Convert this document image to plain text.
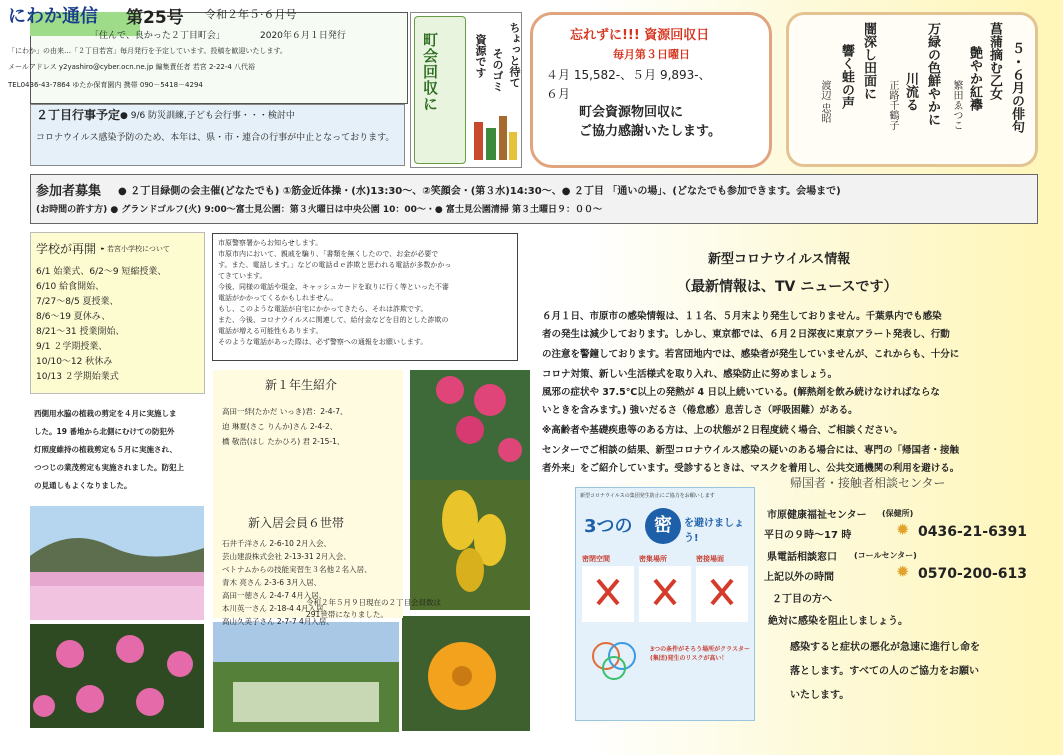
にわか通信 第25号 令和２年５·６月号
「住んで、良かった２丁目町会」	2020年６月１日発行
「にわか」の由来…「２丁目若宮」毎月発行を予定しています。投稿を歓迎いたします。
メールアドレス y2yashiro@cyber.ocn.ne.jp 編集責任者 若宮 2-22-4 八代裕
TEL0436-43-7864 ゆたか保育園内 携帯 090－5418－4294	町会回収に	ちょっと待て
そのゴミ
資源です	忘れずに!!! 資源回収日
毎月第３日曜日
４月 15,582-、５月 9,893-、
６月
町会資源物回収に
ご協力感謝いたします。	５・６月の俳句
菖蒲摘む乙女
艶やか紅襷
繁田ゑつこ
万緑の色鮮やかに
川流る
正路千鶴子
闇深し田面に
響く蛙の声
渡辺 忠昭
２丁目行事予定 ● 9/6 防災訓練,子ども会行事・・・検討中
コロナウイルス感染予防のため、本年は、県・市・連合の行事が中止となっております。
参加者募集 ● ２丁目緑側の会主催(どなたでも) ①筋金近体操・(水)13:30～、②笑顔会・(第３水)14:30～、● ２丁目 「通いの場」、(どなたでも参加できます。会場まで)
(お時間の許す方) ● グランドゴルフ(火) 9:00～富士見公園：第３火曜日は中央公園 10：00～・● 富士見公園清掃 第３土曜日９：００～
学校が再開・
・若宮小学校について
6/1 始業式、6/2～9 短縮授業、
6/10 給食開始、
7/27～8/5 夏授業、
8/6～19 夏休み、
8/21～31 授業開始、
9/1 ２学期授業、
10/10～12 秋休み
10/13 ２学期始業式
市原警察署からお知らせします。
市原市内において、親戚を騙り、「書類を無くしたので、お金が必要で
す。また、電話します。」などの電話ｄｅ詐欺と思われる電話が多数かかっ
てきています。
今後、同様の電話や現金、キャッシュカードを取りに行く等といった不審
電話がかかってくるかもしれません。
もし、このような電話が自宅にかかってきたら、それは詐欺です。
また、今後、コロナウイルスに関連して、給付金などを目的とした詐欺の
電話が増える可能性もあります。
そのような電話があった際は、必ず警察への通報をお願いします。
西側用水脇の植栽の剪定を４月に実施しま
した。19 番地から北側にむけての防犯外
灯照度維持の植栽剪定も５月に実施され、
つつじの業茂剪定も実施されました。防犯上
の見通しもよくなりました。
新１年生紹介
高田一絆(たかだ いっき)君：2-4-7、
迫 琳夏(さこ りんか)さん 2-4-2、
橋 敬浩(はし たかひろ) 君 2-15-1、
新入居会員６世帯
石井千洋さん 2-6-10 2月入会、
芸山建設株式会社 2-13-31 2月入会、
ベトナムからの技能実習生３名他２名入居、
青木 亮さん 2-3-6 3月入居、
高田一徳さん 2-4-7 4月入居、
本川英一さん 2-18-4 4月入居、
高山久美子さん 2-7-7 4月入居、
令和２年５月９日現在の２丁目会員数は
291世帯になりました。
新型コロナウイルス情報
（最新情報は、TV ニュースです）
６月１日、市原市の感染情報は、１１名、５月末より発生しておりません。千葉県内でも感染
者の発生は減少しております。しかし、東京都では、６月２日深夜に東京アラート発表し、行動
の注意を警鐘しております。若宮団地内では、感染者が発生していませんが、これからも、十分に
コロナ対策、新しい生活様式を取り入れ、感染防止に努めましょう。
風邪の症状や 37.5℃以上の発熱が 4 日以上続いている。(解熱剤を飲み続けなければならな
いときを含みます。) 強いだるさ（倦怠感）息苦しさ（呼吸困難）がある。
※高齢者や基礎疾患等のある方は、上の状態が２日程度続く場合、ご相談ください。
センターでご相談の結果、新型コロナウイルス感染の疑いのある場合には、専門の「帰国者・接触
者外来」をご紹介しています。受診するときは、マスクを着用し、公共交通機関の利用を避ける。
帰国者・接触者相談センター
新型コロナウイルスの集団発生防止にご協力をお願いします
3つの	密	を避けましょう!
密閉空間	密集場所	密接場面
3つの条件がそろう場所がクラスター(集団)発生のリスクが高い！
市原健康福祉センター (保健所)
平日の９時～17 時	✹ 0436-21-6391
県電話相談窓口 (コールセンター)
上記以外の時間	✹ 0570-200-613
２丁目の方へ
絶対に感染を阻止しましょう。
感染すると症状の悪化が急速に進行し命を
落とします。すべての人のご協力をお願い
いたします。
